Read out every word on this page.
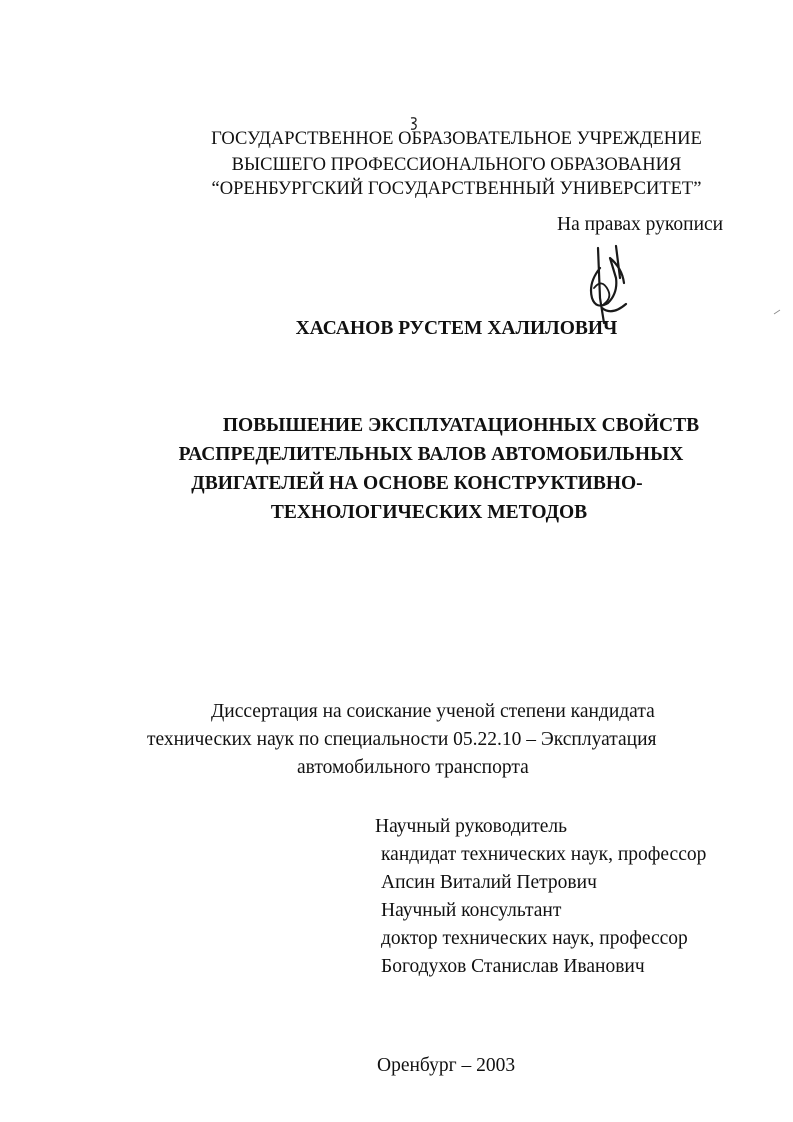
ГОСУДАРСТВЕННОЕ ОБРАЗОВАТЕЛЬНОЕ УЧРЕЖДЕНИЕ
ВЫСШЕГО ПРОФЕССИОНАЛЬНОГО ОБРАЗОВАНИЯ
“ОРЕНБУРГСКИЙ ГОСУДАРСТВЕННЫЙ УНИВЕРСИТЕТ”
На правах рукописи
ХАСАНОВ РУСТЕМ ХАЛИЛОВИЧ
ПОВЫШЕНИЕ ЭКСПЛУАТАЦИОННЫХ СВОЙСТВ
РАСПРЕДЕЛИТЕЛЬНЫХ ВАЛОВ АВТОМОБИЛЬНЫХ
ДВИГАТЕЛЕЙ НА ОСНОВЕ КОНСТРУКТИВНО-
ТЕХНОЛОГИЧЕСКИХ МЕТОДОВ
Диссертация на соискание ученой степени кандидата
технических наук по специальности 05.22.10 – Эксплуатация
автомобильного транспорта
Научный руководитель
кандидат технических наук, профессор
Апсин Виталий Петрович
Научный консультант
доктор технических наук, профессор
Богодухов Станислав Иванович
Оренбург – 2003
